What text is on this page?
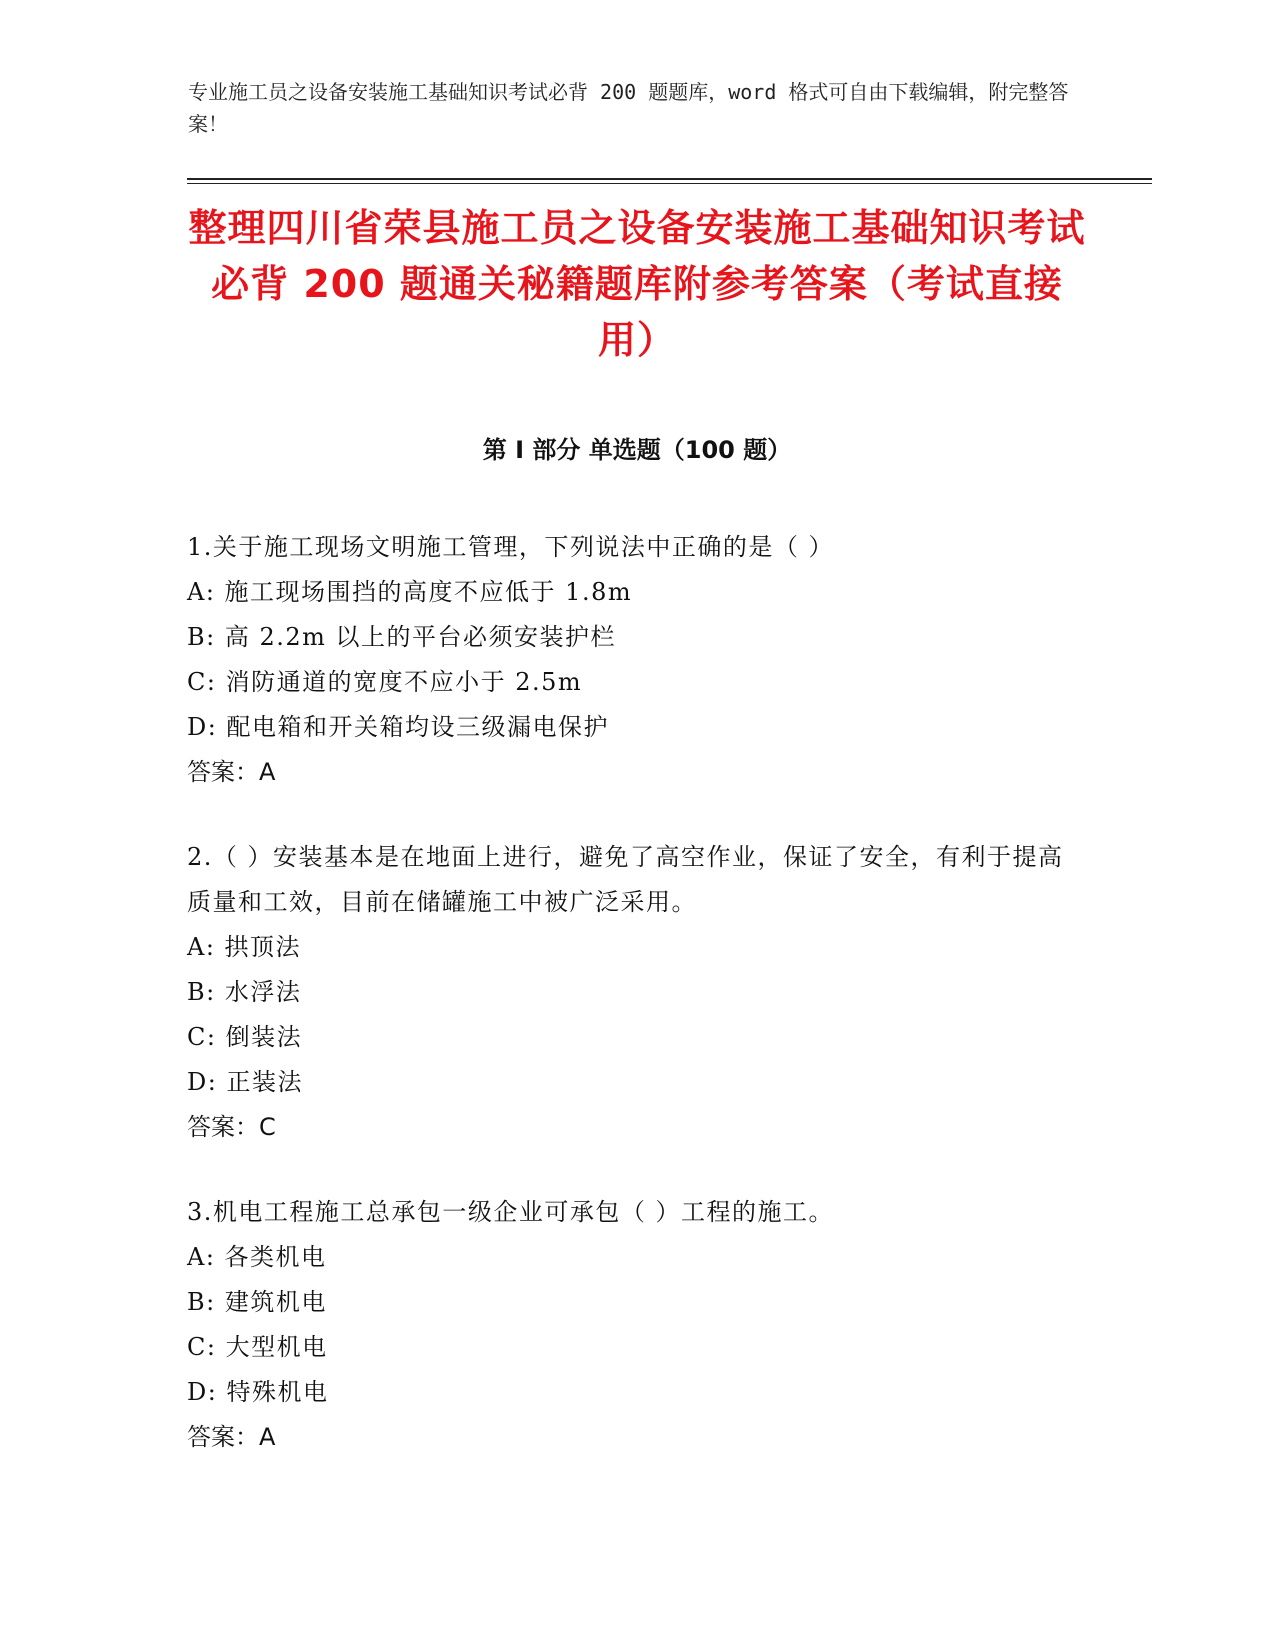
专业施工员之设备安装施工基础知识考试必背 200 题题库，word 格式可自由下载编辑，附完整答案！

整理四川省荣县施工员之设备安装施工基础知识考试必背 200 题通关秘籍题库附参考答案（考试直接用）
第 I 部分 单选题（100 题）

1.关于施工现场文明施工管理，下列说法中正确的是（ ）

A: 施工现场围挡的高度不应低于 1.8m

B: 高 2.2m 以上的平台必须安装护栏

C: 消防通道的宽度不应小于 2.5m

D: 配电箱和开关箱均设三级漏电保护

答案：A

2.（ ）安装基本是在地面上进行，避免了高空作业，保证了安全，有利于提高质量和工效，目前在储罐施工中被广泛采用。

A: 拱顶法

B: 水浮法

C: 倒装法

D: 正装法

答案：C

3.机电工程施工总承包一级企业可承包（ ）工程的施工。

A: 各类机电

B: 建筑机电

C: 大型机电

D: 特殊机电

答案：A
